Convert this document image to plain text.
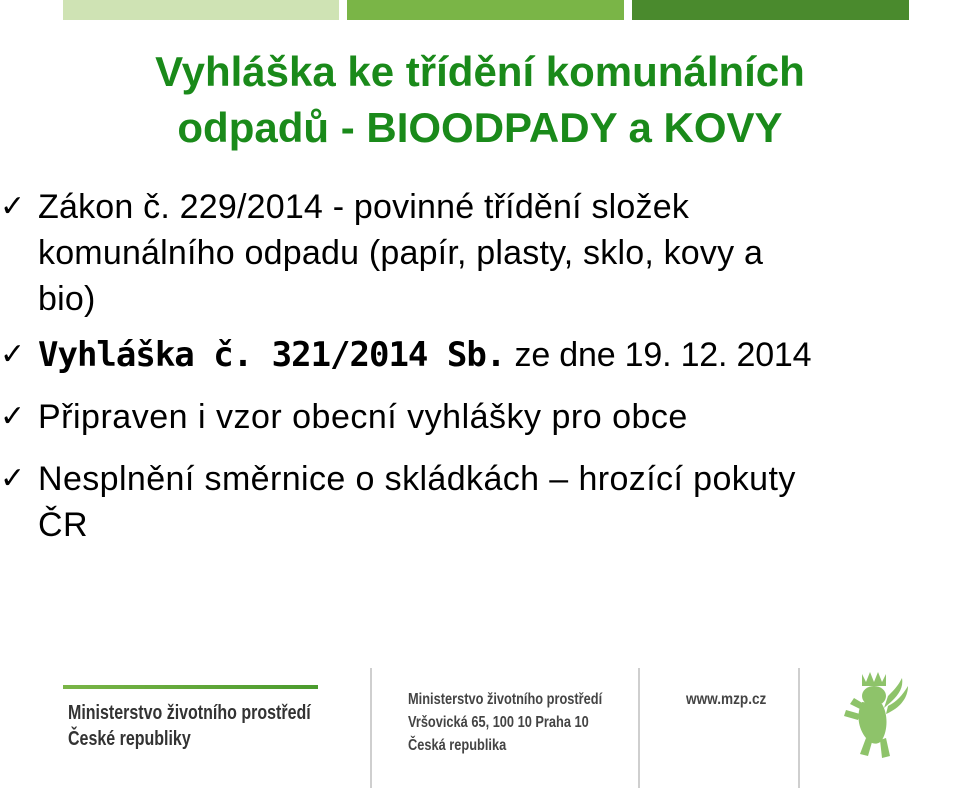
Vyhláška ke třídění komunálních
odpadů - BIOODPADY a KOVY
✓ Zákon č. 229/2014 - povinné třídění složek
komunálního odpadu (papír, plasty, sklo, kovy a
bio)
✓ Vyhláška č. 321/2014 Sb. ze dne 19. 12. 2014
✓ Připraven i vzor obecní vyhlášky pro obce
✓ Nesplnění směrnice o skládkách – hrozící pokuty
ČR
Ministerstvo životního prostředí
České republiky
Ministerstvo životního prostředí
Vršovická 65, 100 10 Praha 10
Česká republika
www.mzp.cz
